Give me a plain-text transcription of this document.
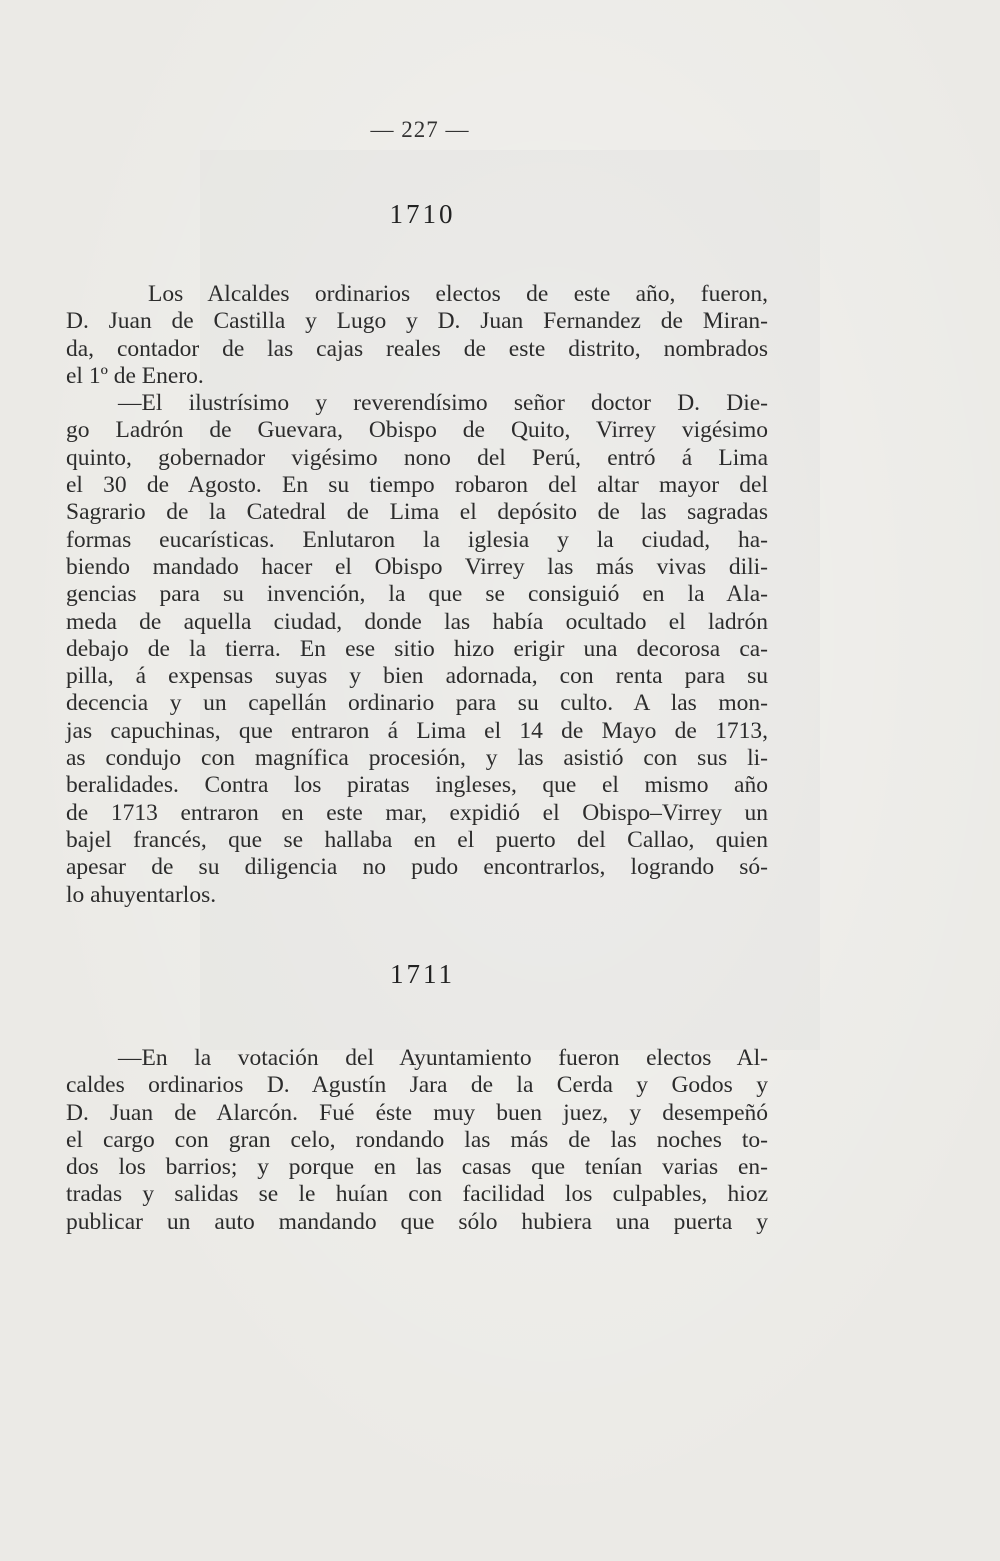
— 227 —
1710
Los Alcaldes ordinarios electos de este año, fueron,
D. Juan de Castilla y Lugo y D. Juan Fernandez de Miran-
da, contador de las cajas reales de este distrito, nombrados
el 1º de Enero.
—El ilustrísimo y reverendísimo señor doctor D. Die-
go Ladrón de Guevara, Obispo de Quito, Virrey vigésimo
quinto, gobernador vigésimo nono del Perú, entró á Lima
el 30 de Agosto. En su tiempo robaron del altar mayor del
Sagrario de la Catedral de Lima el depósito de las sagradas
formas eucarísticas. Enlutaron la iglesia y la ciudad, ha-
biendo mandado hacer el Obispo Virrey las más vivas dili-
gencias para su invención, la que se consiguió en la Ala-
meda de aquella ciudad, donde las había ocultado el ladrón
debajo de la tierra. En ese sitio hizo erigir una decorosa ca-
pilla, á expensas suyas y bien adornada, con renta para su
decencia y un capellán ordinario para su culto. A las mon-
jas capuchinas, que entraron á Lima el 14 de Mayo de 1713,
as condujo con magnífica procesión, y las asistió con sus li-
beralidades. Contra los piratas ingleses, que el mismo año
de 1713 entraron en este mar, expidió el Obispo–Virrey un
bajel francés, que se hallaba en el puerto del Callao, quien
apesar de su diligencia no pudo encontrarlos, logrando só-
lo ahuyentarlos.
1711
—En la votación del Ayuntamiento fueron electos Al-
caldes ordinarios D. Agustín Jara de la Cerda y Godos y
D. Juan de Alarcón. Fué éste muy buen juez, y desempeñó
el cargo con gran celo, rondando las más de las noches to-
dos los barrios; y porque en las casas que tenían varias en-
tradas y salidas se le huían con facilidad los culpables, hioz
publicar un auto mandando que sólo hubiera una puerta y
